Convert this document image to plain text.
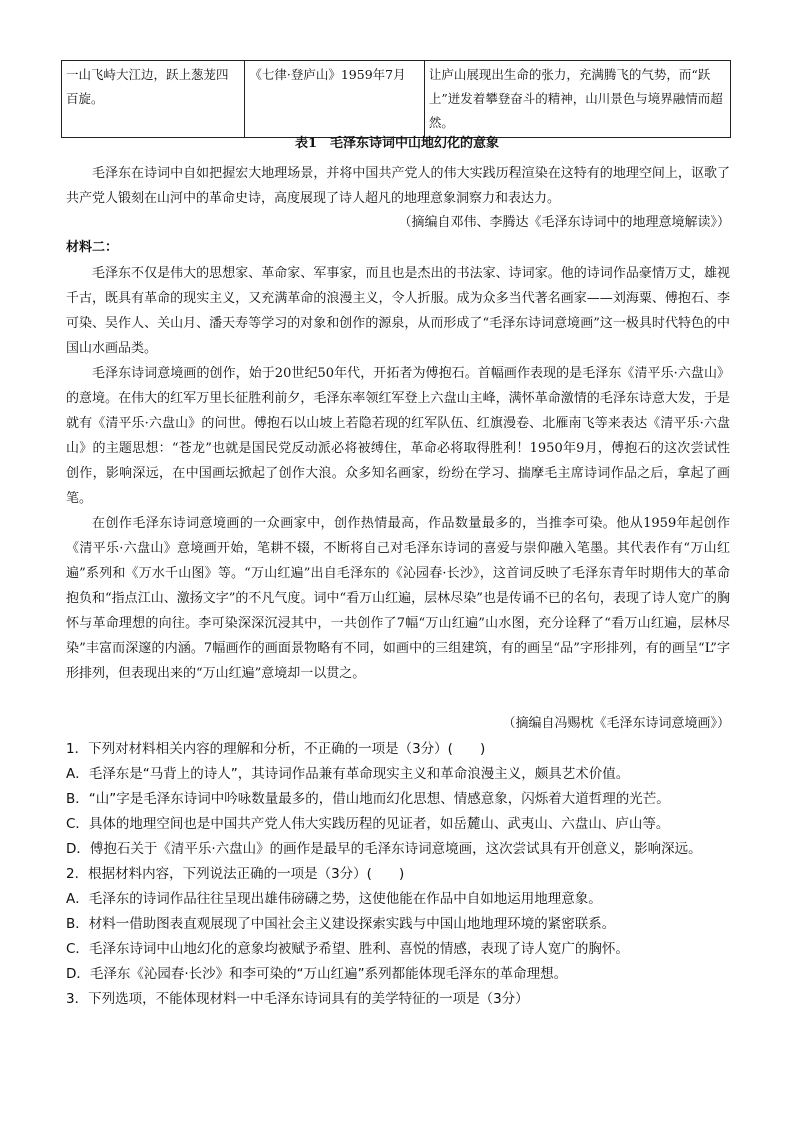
一山飞峙大江边，跃上葱茏四百旋。	《七律·登庐山》1959年7月	让庐山展现出生命的张力，充满腾飞的气势，而“跃上”迸发着攀登奋斗的精神，山川景色与境界融情而超然。
表1　毛泽东诗词中山地幻化的意象

毛泽东在诗词中自如把握宏大地理场景，并将中国共产党人的伟大实践历程渲染在这特有的地理空间上，讴歌了共产党人锻刻在山河中的革命史诗，高度展现了诗人超凡的地理意象洞察力和表达力。

（摘编自邓伟、李腾达《毛泽东诗词中的地理意境解读》）
材料二：

毛泽东不仅是伟大的思想家、革命家、军事家，而且也是杰出的书法家、诗词家。他的诗词作品豪情万丈，雄视千古，既具有革命的现实主义，又充满革命的浪漫主义，令人折服。成为众多当代著名画家——刘海粟、傅抱石、李可染、吴作人、关山月、潘天寿等学习的对象和创作的源泉，从而形成了“毛泽东诗词意境画”这一极具时代特色的中国山水画品类。

毛泽东诗词意境画的创作，始于20世纪50年代，开拓者为傅抱石。首幅画作表现的是毛泽东《清平乐·六盘山》的意境。在伟大的红军万里长征胜利前夕，毛泽东率领红军登上六盘山主峰，满怀革命激情的毛泽东诗意大发，于是就有《清平乐·六盘山》的问世。傅抱石以山坡上若隐若现的红军队伍、红旗漫卷、北雁南飞等来表达《清平乐·六盘山》的主题思想：“苍龙”也就是国民党反动派必将被缚住，革命必将取得胜利！1950年9月，傅抱石的这次尝试性创作，影响深远，在中国画坛掀起了创作大浪。众多知名画家，纷纷在学习、揣摩毛主席诗词作品之后，拿起了画笔。

在创作毛泽东诗词意境画的一众画家中，创作热情最高，作品数量最多的，当推李可染。他从1959年起创作《清平乐·六盘山》意境画开始，笔耕不辍，不断将自己对毛泽东诗词的喜爱与崇仰融入笔墨。其代表作有“万山红遍”系列和《万水千山图》等。“万山红遍”出自毛泽东的《沁园春·长沙》，这首词反映了毛泽东青年时期伟大的革命抱负和“指点江山、激扬文字”的不凡气度。词中“看万山红遍，层林尽染”也是传诵不已的名句，表现了诗人宽广的胸怀与革命理想的向往。李可染深深沉浸其中，一共创作了7幅“万山红遍”山水图，充分诠释了“看万山红遍，层林尽染”丰富而深邃的内涵。7幅画作的画面景物略有不同，如画中的三组建筑，有的画呈“品”字形排列，有的画呈“L”字形排列，但表现出来的“万山红遍”意境却一以贯之。

（摘编自冯赐枕《毛泽东诗词意境画》）

1．下列对材料相关内容的理解和分析，不正确的一项是（3分）(　　)

A．毛泽东是“马背上的诗人”，其诗词作品兼有革命现实主义和革命浪漫主义，颇具艺术价值。

B．“山”字是毛泽东诗词中吟咏数量最多的，借山地而幻化思想、情感意象，闪烁着大道哲理的光芒。

C．具体的地理空间也是中国共产党人伟大实践历程的见证者，如岳麓山、武夷山、六盘山、庐山等。

D．傅抱石关于《清平乐·六盘山》的画作是最早的毛泽东诗词意境画，这次尝试具有开创意义，影响深远。

2．根据材料内容，下列说法正确的一项是（3分）(　　)

A．毛泽东的诗词作品往往呈现出雄伟磅礴之势，这使他能在作品中自如地运用地理意象。

B．材料一借助图表直观展现了中国社会主义建设探索实践与中国山地地理环境的紧密联系。

C．毛泽东诗词中山地幻化的意象均被赋予希望、胜利、喜悦的情感，表现了诗人宽广的胸怀。

D．毛泽东《沁园春·长沙》和李可染的“万山红遍”系列都能体现毛泽东的革命理想。

3．下列选项，不能体现材料一中毛泽东诗词具有的美学特征的一项是（3分）
